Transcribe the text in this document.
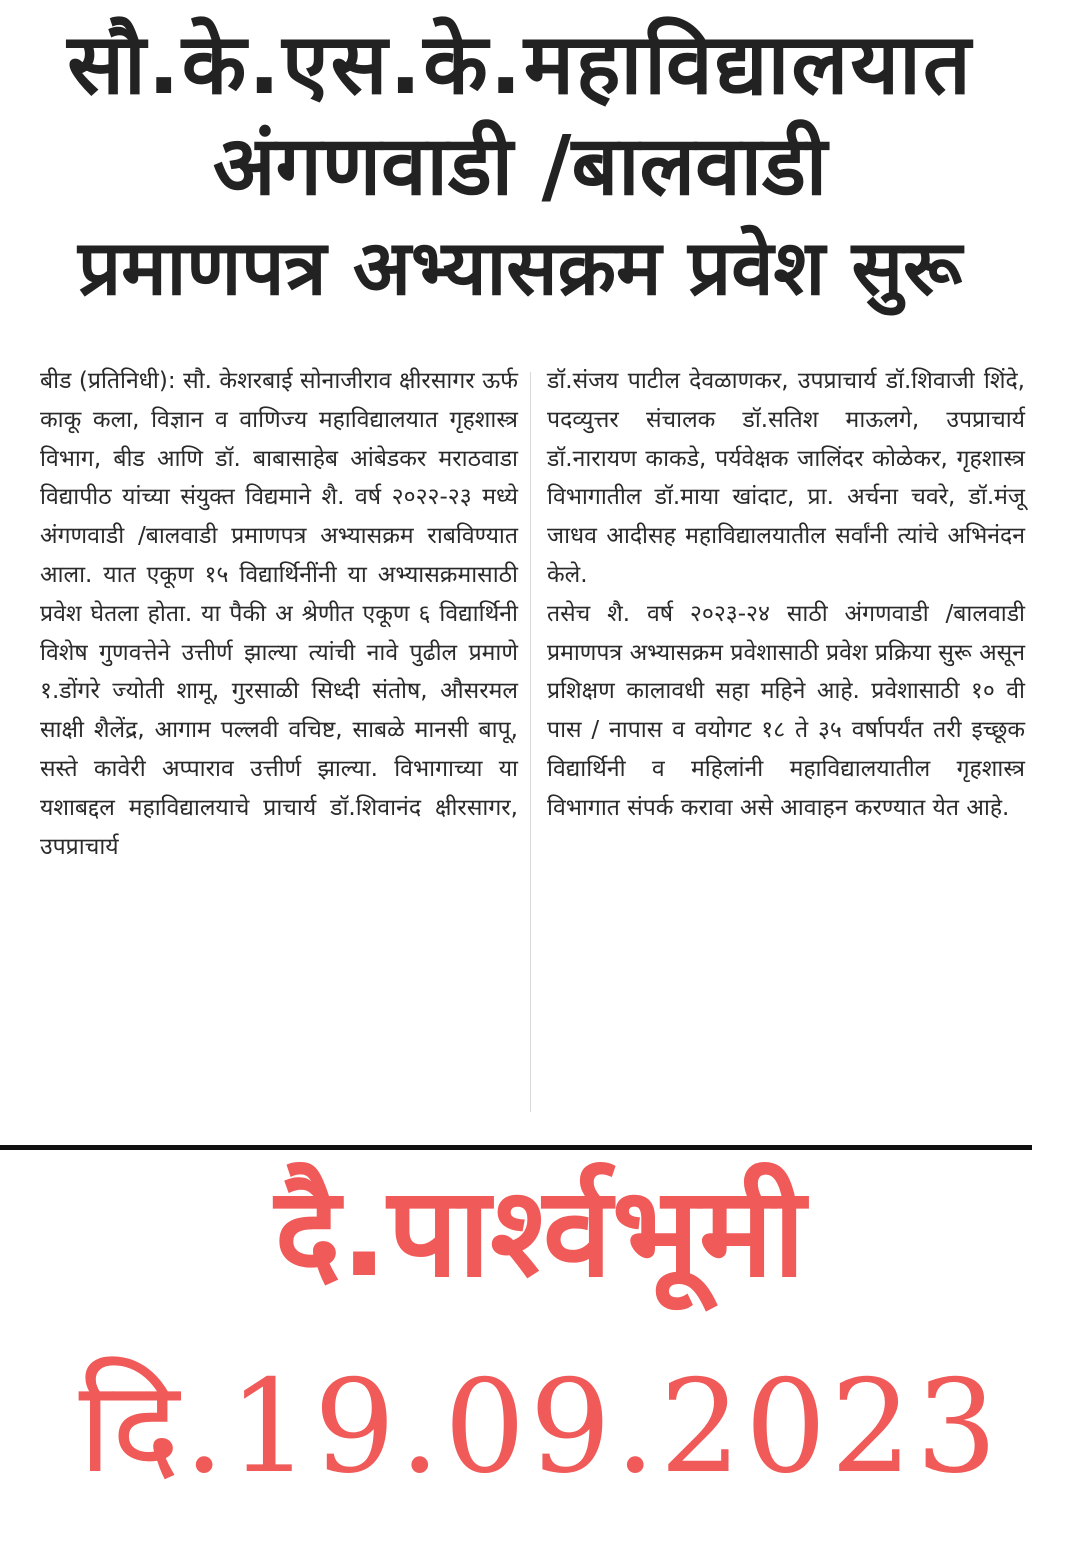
सौ.के.एस.के.महाविद्यालयात
अंगणवाडी /बालवाडी
प्रमाणपत्र अभ्यासक्रम प्रवेश सुरू

बीड (प्रतिनिधी): सौ. केशरबाई सोनाजीराव क्षीरसागर ऊर्फ काकू कला, विज्ञान व वाणिज्य महाविद्यालयात गृहशास्त्र विभाग, बीड आणि डॉ. बाबासाहेब आंबेडकर मराठवाडा विद्यापीठ यांच्या संयुक्त विद्यमाने शै. वर्ष २०२२-२३ मध्ये अंगणवाडी /बालवाडी प्रमाणपत्र अभ्यासक्रम राबविण्यात आला. यात एकूण १५ विद्यार्थिनींनी या अभ्यासक्रमासाठी प्रवेश घेतला होता. या पैकी अ श्रेणीत एकूण ६ विद्यार्थिनी विशेष गुणवत्तेने उत्तीर्ण झाल्या त्यांची नावे पुढील प्रमाणे १.डोंगरे ज्योती शामू, गुरसाळी सिध्दी संतोष, औसरमल साक्षी शैलेंद्र, आगाम पल्लवी वचिष्ट, साबळे मानसी बापू, सस्ते कावेरी अप्पाराव उत्तीर्ण झाल्या. विभागाच्या या यशाबद्दल महाविद्यालयाचे प्राचार्य डॉ.शिवानंद क्षीरसागर, उपप्राचार्य

डॉ.संजय पाटील देवळाणकर, उपप्राचार्य डॉ.शिवाजी शिंदे, पदव्युत्तर संचालक डॉ.सतिश माऊलगे, उपप्राचार्य डॉ.नारायण काकडे, पर्यवेक्षक जालिंदर कोळेकर, गृहशास्त्र विभागातील डॉ.माया खांदाट, प्रा. अर्चना चवरे, डॉ.मंजू जाधव आदीसह महाविद्यालयातील सर्वांनी त्यांचे अभिनंदन केले.

तसेच शै. वर्ष २०२३-२४ साठी अंगणवाडी /बालवाडी प्रमाणपत्र अभ्यासक्रम प्रवेशासाठी प्रवेश प्रक्रिया सुरू असून प्रशिक्षण कालावधी सहा महिने आहे. प्रवेशासाठी १० वी पास / नापास व वयोगट १८ ते ३५ वर्षापर्यंत तरी इच्छूक विद्यार्थिनी व महिलांनी महाविद्यालयातील गृहशास्त्र विभागात संपर्क करावा असे आवाहन करण्यात येत आहे.

दै.पार्श्वभूमी
दि.19.09.2023
